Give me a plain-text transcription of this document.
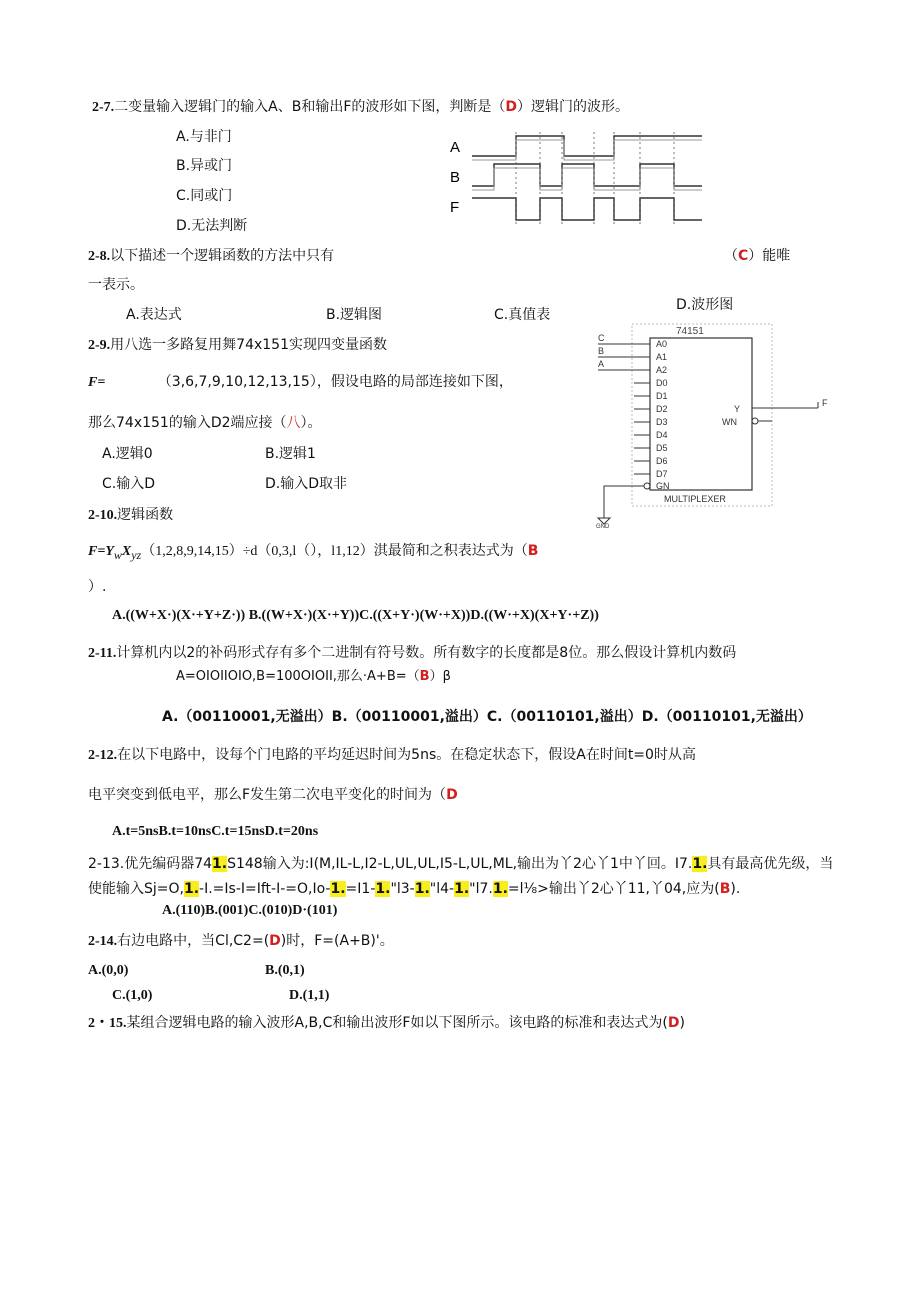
2-7.二变量输入逻辑门的输入A、B和输出F的波形如下图，判断是（D）逻辑门的波形。
A.与非门
B.异或门
C.同或门
D.无法判断
A
B
F
2-8.以下描述一个逻辑函数的方法中只有	（C）能唯
一表示。
A.表达式	B.逻辑图	C.真值表
D.波形图
2-9.用八选一多路复用舞74x151实现四变量函数
F=	（3,6,7,9,10,12,13,15），假设电路的局部连接如下图，
那么74x151的输入D2端应接（八）。
A.逻辑0	B.逻辑1
C.输入D	D.输入D取非
74151
MULTIPLEXER
A0
A1
A2
D0
D1
D2
D3
D4
D5
D6
D7
GN
Y
WN
C
B
A
F
GND
2-10.逻辑函数
$F=Y_wX_{yz}(1,2,8,9,14,15)\div d(0,3,l()$，l1,12）淇最简和之积表达式为（B
）.
A.((W+X·)(X·+Y+Z·)) B.((W+X·)(X·+Y))C.((X+Y·)(W·+X))D.((W·+X)(X+Y·+Z))
2-11.计算机内以2的补码形式存有多个二进制有符号数。所有数字的长度都是8位。那么假设计算机内数码
A=OIOIIOIO,B=100OIOII,那么·A+B=（B）β
A.（00110001,无溢出）B.（00110001,溢出）C.（00110101,溢出）D.（00110101,无溢出）
2-12.在以下电路中，设每个门电路的平均延迟时间为5ns。在稳定状态下，假设A在时间t=0时从高
电平突变到低电平，那么F发生第二次电平变化的时间为（D
A.t=5nsB.t=10nsC.t=15nsD.t=20ns
2-13.优先编码器741.S148输入为:I(M,IL-L,I2-L,UL,UL,I5-L,UL,ML,输出为丫2心丫1中丫回。I7.1.具有最高优先级，当
使能输入Sj=O,1.-I.=Is-I=Ift-I-=O,Io-1.=I1-1."l3-1."l4-1."l7.1.=l⅛>输出丫2心丫11,丫04,应为(B).
A.(110)B.(001)C.(010)D·(101)
2-14.右边电路中，当Cl,C2=(D)时，F=(A+B)'。
A.(0,0)	B.(0,1)
C.(1,0)	D.(1,1)
2・15.某组合逻辑电路的输入波形A,B,C和输出波形F如以下图所示。该电路的标准和表达式为(D)
